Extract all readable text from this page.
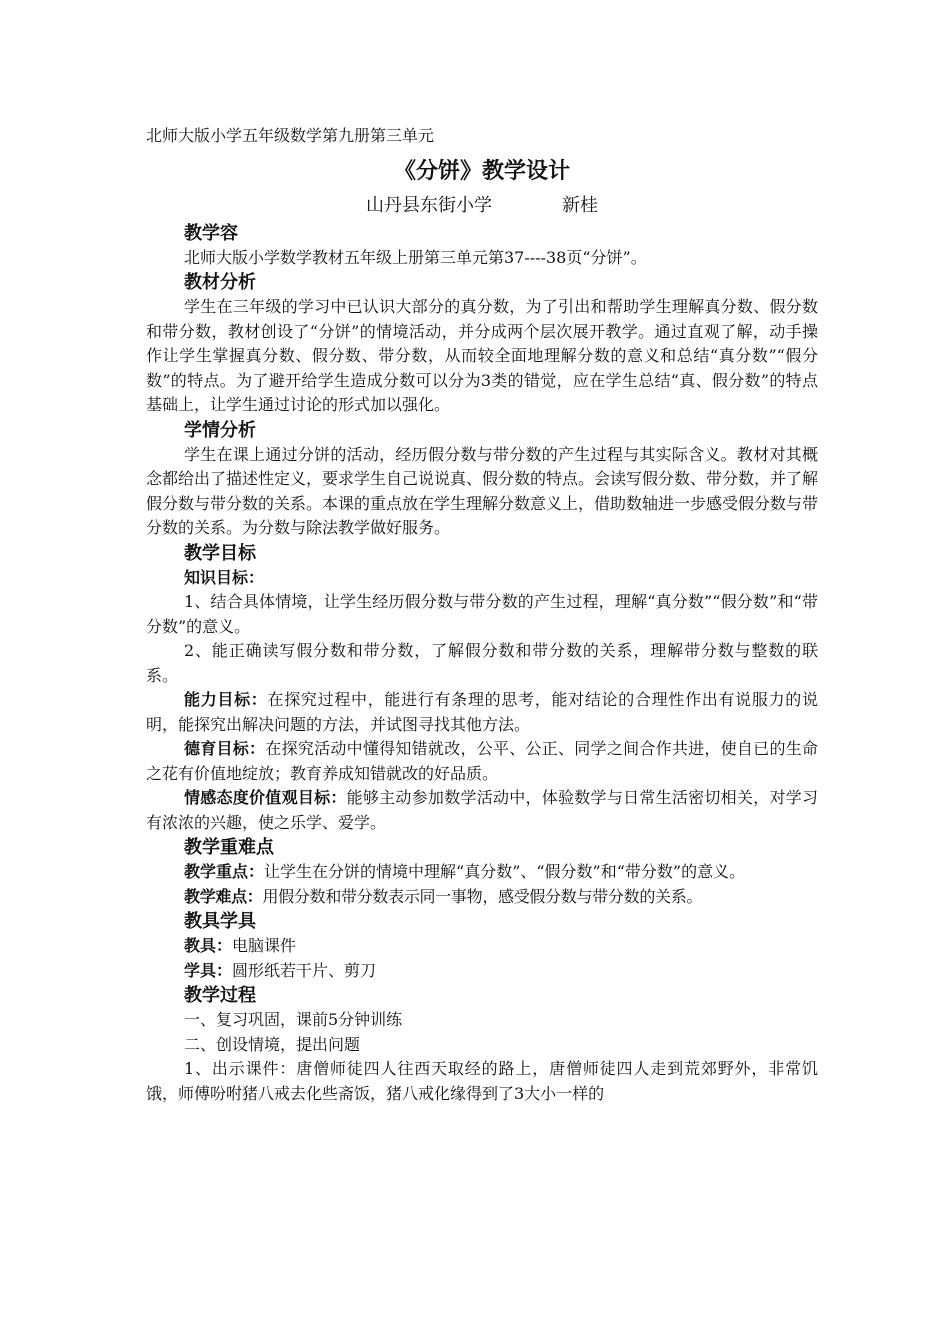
北师大版小学五年级数学第九册第三单元

《分饼》教学设计

山丹县东街小学	新桂

教学容

北师大版小学数学教材五年级上册第三单元第37----38页“分饼”。

教材分析

学生在三年级的学习中已认识大部分的真分数，为了引出和帮助学生理解真分数、假分数和带分数，教材创设了“分饼”的情境活动，并分成两个层次展开教学。通过直观了解，动手操作让学生掌握真分数、假分数、带分数，从而较全面地理解分数的意义和总结“真分数”“假分数”的特点。为了避开给学生造成分数可以分为3类的错觉，应在学生总结“真、假分数”的特点基础上，让学生通过讨论的形式加以强化。

学情分析

学生在课上通过分饼的活动，经历假分数与带分数的产生过程与其实际含义。教材对其概念都给出了描述性定义，要求学生自己说说真、假分数的特点。会读写假分数、带分数，并了解假分数与带分数的关系。本课的重点放在学生理解分数意义上，借助数轴进一步感受假分数与带分数的关系。为分数与除法教学做好服务。

教学目标

知识目标：

1、结合具体情境，让学生经历假分数与带分数的产生过程，理解“真分数”“假分数”和“带分数”的意义。

2、能正确读写假分数和带分数，了解假分数和带分数的关系，理解带分数与整数的联系。

能力目标：在探究过程中，能进行有条理的思考，能对结论的合理性作出有说服力的说明，能探究出解决问题的方法，并试图寻找其他方法。

德育目标：在探究活动中懂得知错就改，公平、公正、同学之间合作共进，使自已的生命之花有价值地绽放；教育养成知错就改的好品质。

情感态度价值观目标：能够主动参加数学活动中，体验数学与日常生活密切相关，对学习有浓浓的兴趣，使之乐学、爱学。

教学重难点

教学重点：让学生在分饼的情境中理解“真分数”、“假分数”和“带分数”的意义。

教学难点：用假分数和带分数表示同一事物，感受假分数与带分数的关系。

教具学具

教具：电脑课件

学具：圆形纸若干片、剪刀

教学过程

一、复习巩固，课前5分钟训练

二、创设情境，提出问题

1、出示课件：唐僧师徒四人往西天取经的路上，唐僧师徒四人走到荒郊野外，非常饥饿，师傅吩咐猪八戒去化些斋饭，猪八戒化缘得到了3大小一样的
